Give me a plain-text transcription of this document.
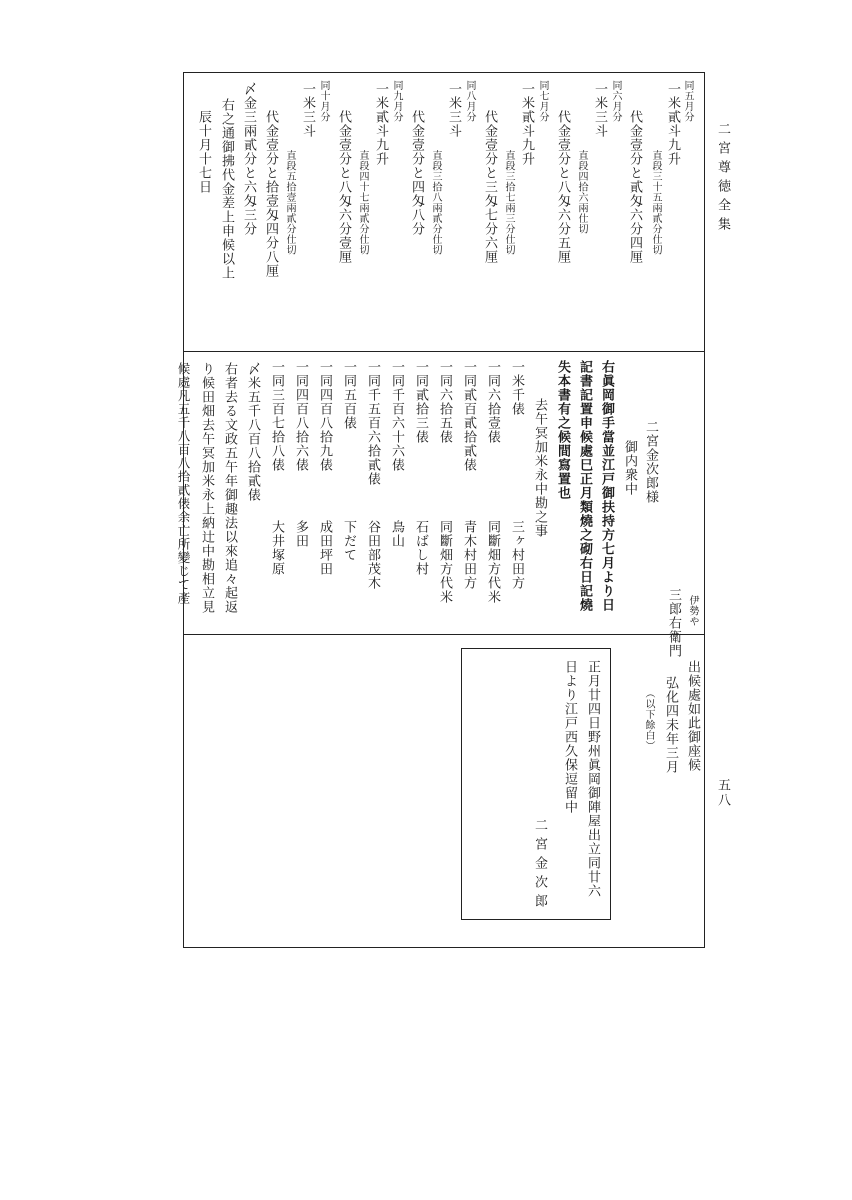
二宮尊徳全集
五八
同五月分
一米貳斗九升
直段三十五兩貳分仕切
代金壹分と貳匁六分四厘
同六月分
一米三斗
直段四拾六兩仕切
代金壹分と八匁六分五厘
同七月分
一米貳斗九升
直段三拾七兩三分仕切
代金壹分と三匁七分六厘
同八月分
一米三斗
直段三拾八兩貳分仕切
代金壹分と四匁八分
同九月分
一米貳斗九升
直段四十七兩貳分仕切
代金壹分と八匁六分壹厘
同十月分
一米三斗
直段五拾壹兩貳分仕切
代金壹分と拾壹匁四分八厘
〆金三兩貳分と六匁三分
右之通御拂代金差上申候以上
辰十月十七日
伊勢や
三郎右衛門
二宮金次郎様
御内衆中
右眞岡御手當並江戸御扶持方七月より日
記書記置申候處巳正月類燒之砌右日記燒
失本書有之候間寫置也
去午冥加米永中勘之事
一米千俵
三ヶ村田方
一同六拾壹俵
同斷畑方代米
一同貳百貳拾貳俵
青木村田方
一同六拾五俵
同斷畑方代米
一同貳拾三俵
石ばし村
一同千百六十六俵
鳥山
一同千五百六拾貳俵
谷田部茂木
一同五百俵
下だて
一同四百八拾九俵
成田坪田
一同四百八拾六俵
多田
一同三百七拾八俵
大井塚原
〆米五千八百八拾貳俵
右者去る文政五午年御趣法以來追々起返
り候田畑去午冥加米永上納辻中勘相立見
候處凡五千八百八拾貳俵余亡所變じて產
出候處如此御座候
弘化四未年三月
（以下餘白）
正月廿四日野州眞岡御陣屋出立同廿六
日より江戸西久保逗留中
二宮金次郎
